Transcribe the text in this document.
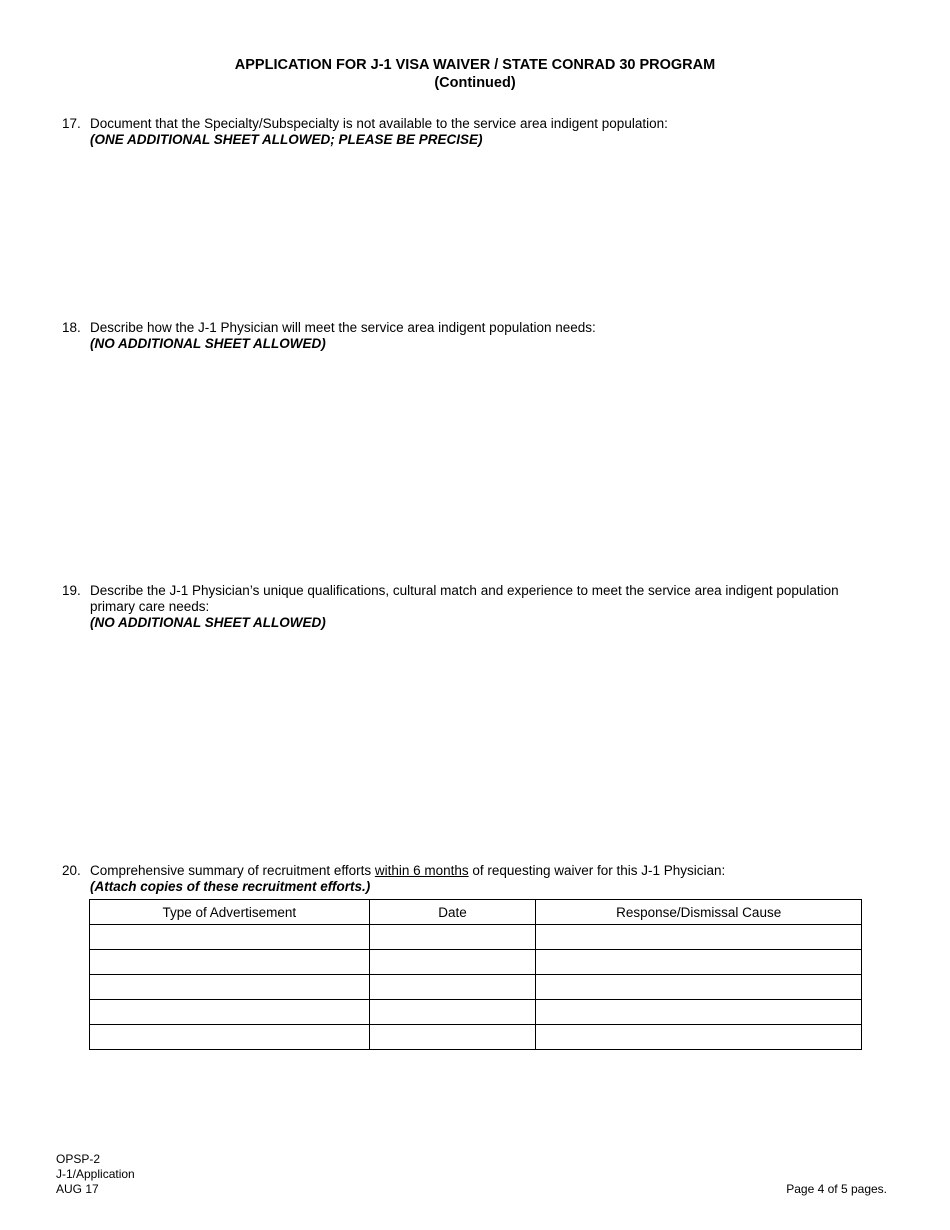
APPLICATION FOR J-1 VISA WAIVER / STATE CONRAD 30 PROGRAM
(Continued)
17. Document that the Specialty/Subspecialty is not available to the service area indigent population:
(ONE ADDITIONAL SHEET ALLOWED; PLEASE BE PRECISE)
18. Describe how the J-1 Physician will meet the service area indigent population needs:
(NO ADDITIONAL SHEET ALLOWED)
19. Describe the J-1 Physician’s unique qualifications, cultural match and experience to meet the service area indigent population primary care needs:
(NO ADDITIONAL SHEET ALLOWED)
20. Comprehensive summary of recruitment efforts within 6 months of requesting waiver for this J-1 Physician:
(Attach copies of these recruitment efforts.)
Type of Advertisement	Date	Response/Dismissal Cause

OPSP-2
J-1/Application
AUG 17	Page 4 of 5 pages.
